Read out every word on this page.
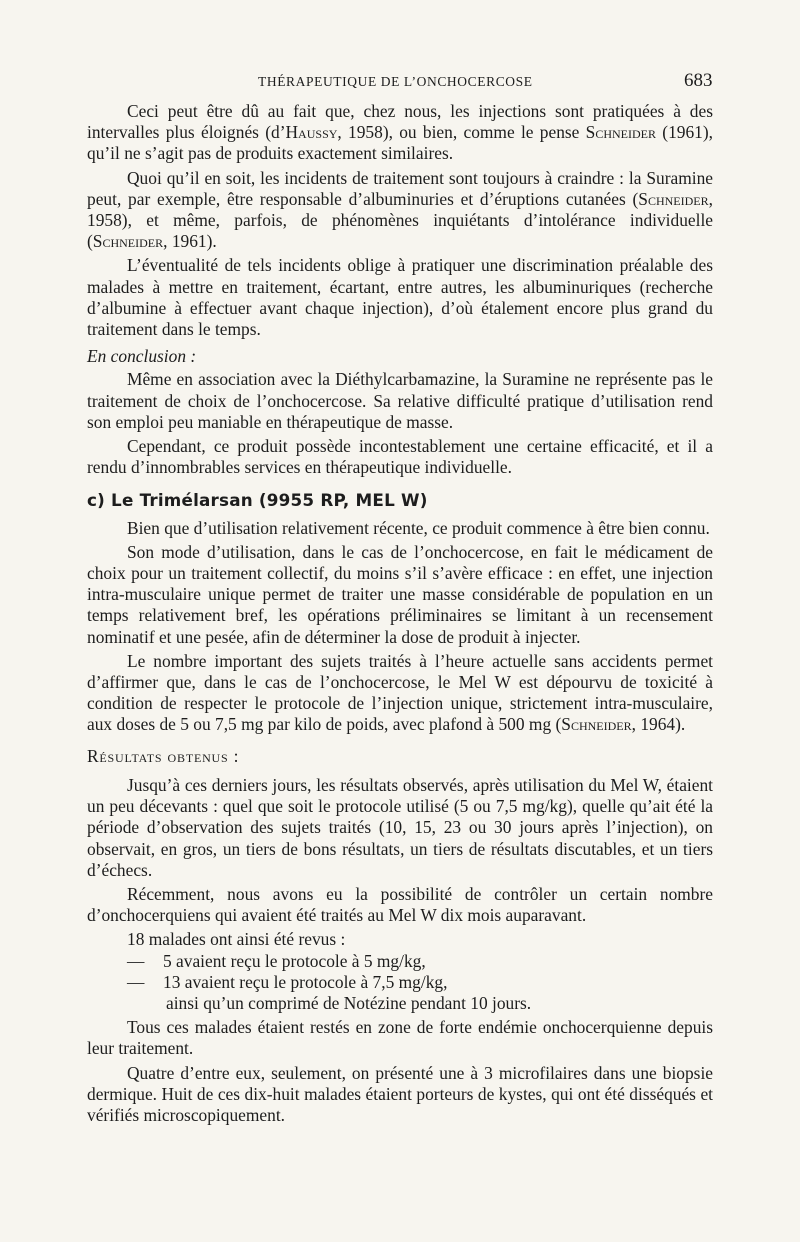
THÉRAPEUTIQUE DE L’ONCHOCERCOSE	683

Ceci peut être dû au fait que, chez nous, les injections sont pratiquées à des intervalles plus éloignés (d’Haussy, 1958), ou bien, comme le pense Schneider (1961), qu’il ne s’agit pas de produits exactement similaires.

Quoi qu’il en soit, les incidents de traitement sont toujours à craindre : la Suramine peut, par exemple, être responsable d’albuminuries et d’éruptions cutanées (Schneider, 1958), et même, parfois, de phénomènes inquiétants d’intolérance individuelle (Schneider, 1961).

L’éventualité de tels incidents oblige à pratiquer une discrimination préalable des malades à mettre en traitement, écartant, entre autres, les albuminuriques (recherche d’albumine à effectuer avant chaque injection), d’où étalement encore plus grand du traitement dans le temps.

En conclusion :

Même en association avec la Diéthylcarbamazine, la Suramine ne représente pas le traitement de choix de l’onchocercose. Sa relative difficulté pratique d’utilisation rend son emploi peu maniable en thérapeutique de masse.

Cependant, ce produit possède incontestablement une certaine efficacité, et il a rendu d’innombrables services en thérapeutique individuelle.

c) Le Trimélarsan (9955 RP, MEL W)

Bien que d’utilisation relativement récente, ce produit commence à être bien connu.

Son mode d’utilisation, dans le cas de l’onchocercose, en fait le médicament de choix pour un traitement collectif, du moins s’il s’avère efficace : en effet, une injection intra-musculaire unique permet de traiter une masse considérable de population en un temps relativement bref, les opérations préliminaires se limitant à un recensement nominatif et une pesée, afin de déterminer la dose de produit à injecter.

Le nombre important des sujets traités à l’heure actuelle sans accidents permet d’affirmer que, dans le cas de l’onchocercose, le Mel W est dépourvu de toxicité à condition de respecter le protocole de l’injection unique, strictement intra-musculaire, aux doses de 5 ou 7,5 mg par kilo de poids, avec plafond à 500 mg (Schneider, 1964).

Résultats obtenus :

Jusqu’à ces derniers jours, les résultats observés, après utilisation du Mel W, étaient un peu décevants : quel que soit le protocole utilisé (5 ou 7,5 mg/kg), quelle qu’ait été la période d’observation des sujets traités (10, 15, 23 ou 30 jours après l’injection), on observait, en gros, un tiers de bons résultats, un tiers de résultats discutables, et un tiers d’échecs.

Récemment, nous avons eu la possibilité de contrôler un certain nombre d’onchocerquiens qui avaient été traités au Mel W dix mois auparavant.

18 malades ont ainsi été revus :
— 5 avaient reçu le protocole à 5 mg/kg,
— 13 avaient reçu le protocole à 7,5 mg/kg,
ainsi qu’un comprimé de Notézine pendant 10 jours.

Tous ces malades étaient restés en zone de forte endémie onchocerquienne depuis leur traitement.

Quatre d’entre eux, seulement, on présenté une à 3 microfilaires dans une biopsie dermique. Huit de ces dix-huit malades étaient porteurs de kystes, qui ont été disséqués et vérifiés microscopiquement.
